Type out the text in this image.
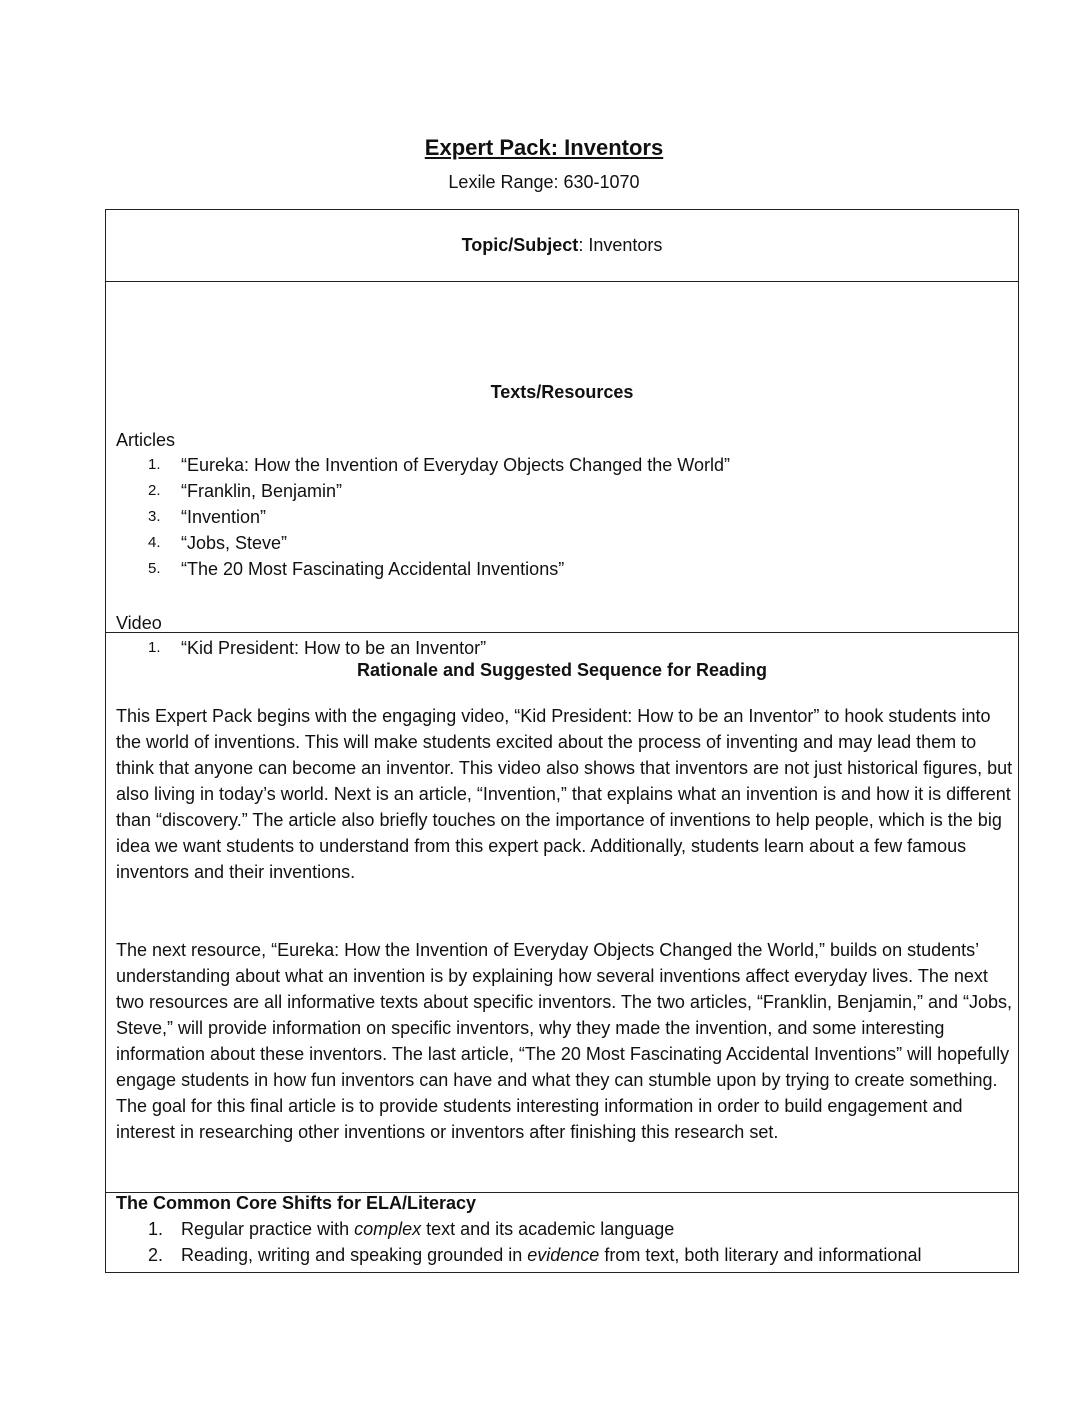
Expert Pack: Inventors
Lexile Range: 630-1070
Topic/Subject: Inventors
Texts/Resources
Articles
1.	“Eureka: How the Invention of Everyday Objects Changed the World”
2.	“Franklin, Benjamin”
3.	“Invention”
4.	“Jobs, Steve”
5.	“The 20 Most Fascinating Accidental Inventions”
Video
1.	“Kid President: How to be an Inventor”
Rationale and Suggested Sequence for Reading
This Expert Pack begins with the engaging video, “Kid President: How to be an Inventor” to hook students into the world of inventions. This will make students excited about the process of inventing and may lead them to think that anyone can become an inventor. This video also shows that inventors are not just historical figures, but also living in today’s world. Next is an article, “Invention,” that explains what an invention is and how it is different than “discovery.” The article also briefly touches on the importance of inventions to help people, which is the big idea we want students to understand from this expert pack. Additionally, students learn about a few famous inventors and their inventions.
The next resource, “Eureka: How the Invention of Everyday Objects Changed the World,” builds on students’ understanding about what an invention is by explaining how several inventions affect everyday lives. The next two resources are all informative texts about specific inventors. The two articles, “Franklin, Benjamin,” and “Jobs, Steve,” will provide information on specific inventors, why they made the invention, and some interesting information about these inventors. The last article, “The 20 Most Fascinating Accidental Inventions” will hopefully engage students in how fun inventors can have and what they can stumble upon by trying to create something. The goal for this final article is to provide students interesting information in order to build engagement and interest in researching other inventions or inventors after finishing this research set.
The Common Core Shifts for ELA/Literacy
1. Regular practice with complex text and its academic language
2. Reading, writing and speaking grounded in evidence from text, both literary and informational
